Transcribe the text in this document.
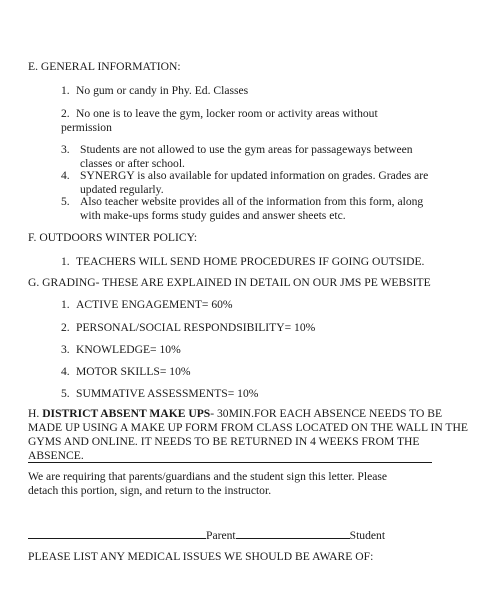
E. GENERAL INFORMATION:
1. No gum or candy in Phy. Ed. Classes
2. No one is to leave the gym, locker room or activity areas without
permission
3. Students are not allowed to use the gym areas for passageways between
classes or after school.
4. SYNERGY is also available for updated information on grades. Grades are
updated regularly.
5. Also teacher website provides all of the information from this form, along
with make-ups forms study guides and answer sheets etc.
F. OUTDOORS WINTER POLICY:
1. TEACHERS WILL SEND HOME PROCEDURES IF GOING OUTSIDE.
G. GRADING- THESE ARE EXPLAINED IN DETAIL ON OUR JMS PE WEBSITE
1. ACTIVE ENGAGEMENT= 60%
2. PERSONAL/SOCIAL RESPONDSIBILITY= 10%
3. KNOWLEDGE= 10%
4. MOTOR SKILLS= 10%
5. SUMMATIVE ASSESSMENTS= 10%
H. DISTRICT ABSENT MAKE UPS- 30MIN.FOR EACH ABSENCE NEEDS TO BE
MADE UP USING A MAKE UP FORM FROM CLASS LOCATED ON THE WALL IN THE
GYMS AND ONLINE. IT NEEDS TO BE RETURNED IN 4 WEEKS FROM THE
ABSENCE.
We are requiring that parents/guardians and the student sign this letter. Please
detach this portion, sign, and return to the instructor.
Parent	Student
PLEASE LIST ANY MEDICAL ISSUES WE SHOULD BE AWARE OF:
